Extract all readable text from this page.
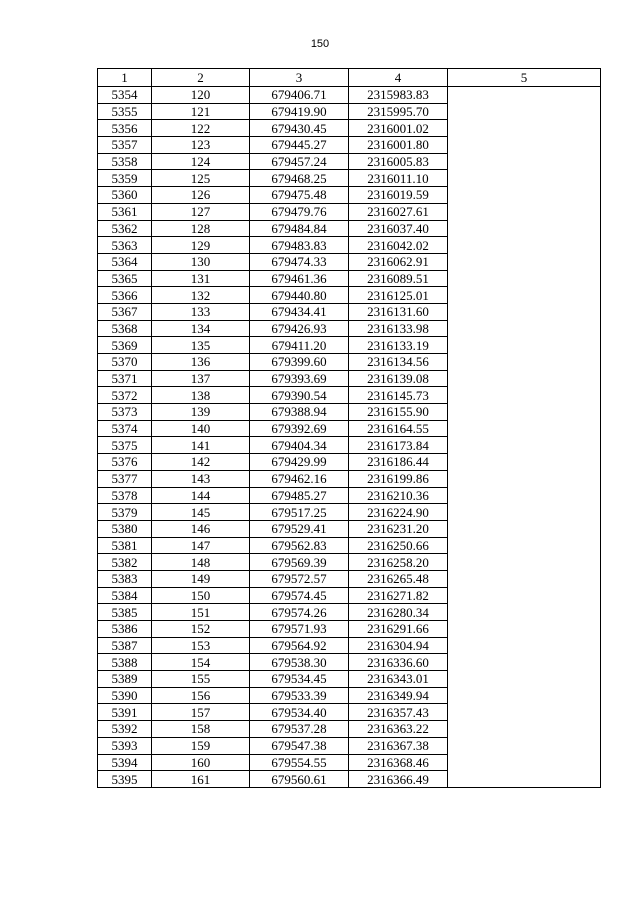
150
1	2	3	4	5
5354	120	679406.71	2315983.83	
5355	121	679419.90	2315995.70	
5356	122	679430.45	2316001.02	
5357	123	679445.27	2316001.80	
5358	124	679457.24	2316005.83	
5359	125	679468.25	2316011.10	
5360	126	679475.48	2316019.59	
5361	127	679479.76	2316027.61	
5362	128	679484.84	2316037.40	
5363	129	679483.83	2316042.02	
5364	130	679474.33	2316062.91	
5365	131	679461.36	2316089.51	
5366	132	679440.80	2316125.01	
5367	133	679434.41	2316131.60	
5368	134	679426.93	2316133.98	
5369	135	679411.20	2316133.19	
5370	136	679399.60	2316134.56	
5371	137	679393.69	2316139.08	
5372	138	679390.54	2316145.73	
5373	139	679388.94	2316155.90	
5374	140	679392.69	2316164.55	
5375	141	679404.34	2316173.84	
5376	142	679429.99	2316186.44	
5377	143	679462.16	2316199.86	
5378	144	679485.27	2316210.36	
5379	145	679517.25	2316224.90	
5380	146	679529.41	2316231.20	
5381	147	679562.83	2316250.66	
5382	148	679569.39	2316258.20	
5383	149	679572.57	2316265.48	
5384	150	679574.45	2316271.82	
5385	151	679574.26	2316280.34	
5386	152	679571.93	2316291.66	
5387	153	679564.92	2316304.94	
5388	154	679538.30	2316336.60	
5389	155	679534.45	2316343.01	
5390	156	679533.39	2316349.94	
5391	157	679534.40	2316357.43	
5392	158	679537.28	2316363.22	
5393	159	679547.38	2316367.38	
5394	160	679554.55	2316368.46	
5395	161	679560.61	2316366.49	
